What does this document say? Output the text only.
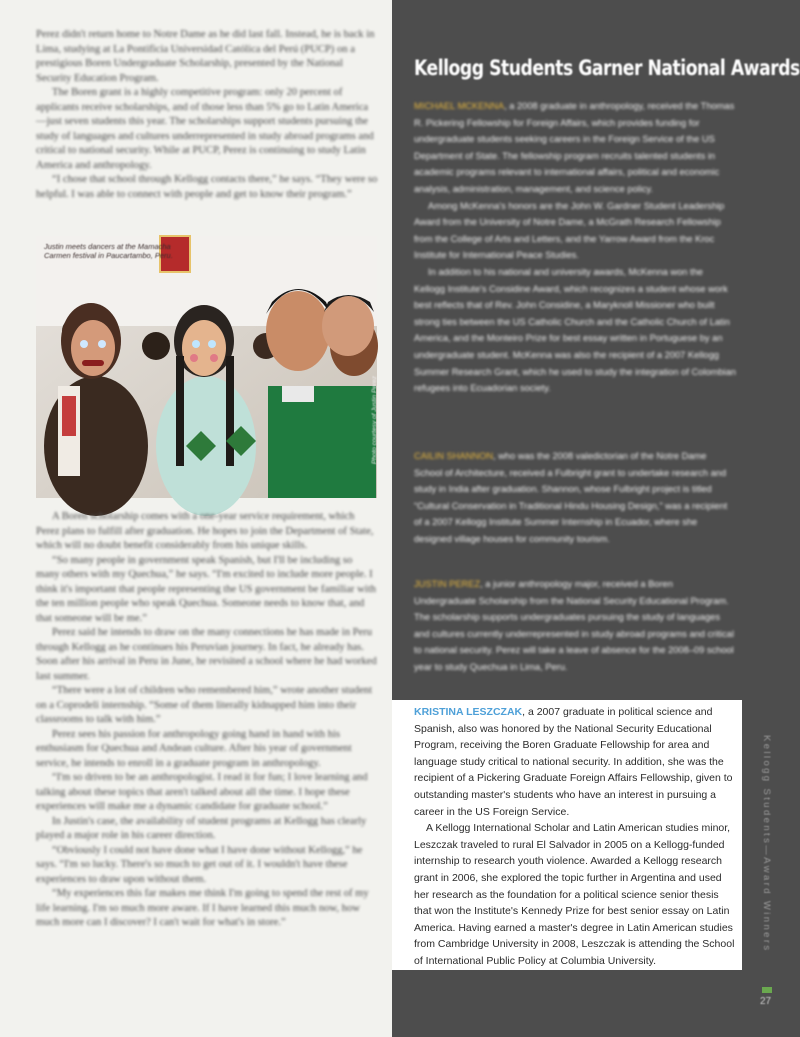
Perez didn't return home to Notre Dame as he did last fall. Instead, he is back in Lima, studying at La Pontificia Universidad Católica del Perú (PUCP) on a prestigious Boren Undergraduate Scholarship, presented by the National Security Education Program.

The Boren grant is a highly competitive program: only 20 percent of applicants receive scholarships, and of those less than 5% go to Latin America—just seven students this year. The scholarships support students pursuing the study of languages and cultures underrepresented in study abroad programs and critical to national security. While at PUCP, Perez is continuing to study Latin America and anthropology.

“I chose that school through Kellogg contacts there,” he says. “They were so helpful. I was able to connect with people and get to know their program.”

Justin meets dancers at the Mamacha Carmen festival in Paucartambo, Peru.
Photo courtesy of Justin Perez

A Boren scholarship comes with a one-year service requirement, which Perez plans to fulfill after graduation. He hopes to join the Department of State, which will no doubt benefit considerably from his unique skills.

“So many people in government speak Spanish, but I'll be including so many others with my Quechua,” he says. “I'm excited to include more people. I think it's important that people representing the US government be familiar with the ten million people who speak Quechua. Someone needs to know that, and that someone will be me.”

Perez said he intends to draw on the many connections he has made in Peru through Kellogg as he continues his Peruvian journey. In fact, he already has. Soon after his arrival in Peru in June, he revisited a school where he had worked last summer.

“There were a lot of children who remembered him,” wrote another student on a Coprodeli internship. “Some of them literally kidnapped him into their classrooms to talk with him.”

Perez sees his passion for anthropology going hand in hand with his enthusiasm for Quechua and Andean culture. After his year of government service, he intends to enroll in a graduate program in anthropology.

“I'm so driven to be an anthropologist. I read it for fun; I love learning and talking about these topics that aren't talked about all the time. I hope these experiences will make me a dynamic candidate for graduate school.”

In Justin's case, the availability of student programs at Kellogg has clearly played a major role in his career direction.

“Obviously I could not have done what I have done without Kellogg,” he says. “I'm so lucky. There's so much to get out of it. I wouldn't have these experiences to draw upon without them.

“My experiences this far makes me think I'm going to spend the rest of my life learning. I'm so much more aware. If I have learned this much now, how much more can I discover? I can't wait for what's in store.”

Kellogg Students Garner National Awards

MICHAEL MCKENNA, a 2008 graduate in anthropology, received the Thomas R. Pickering Fellowship for Foreign Affairs, which provides funding for undergraduate students seeking careers in the Foreign Service of the US Department of State. The fellowship program recruits talented students in academic programs relevant to international affairs, political and economic analysis, administration, management, and science policy.

Among McKenna's honors are the John W. Gardner Student Leadership Award from the University of Notre Dame, a McGrath Research Fellowship from the College of Arts and Letters, and the Yarrow Award from the Kroc Institute for International Peace Studies.

In addition to his national and university awards, McKenna won the Kellogg Institute's Considine Award, which recognizes a student whose work best reflects that of Rev. John Considine, a Maryknoll Missioner who built strong ties between the US Catholic Church and the Catholic Church of Latin America, and the Monteiro Prize for best essay written in Portuguese by an undergraduate student. McKenna was also the recipient of a 2007 Kellogg Summer Research Grant, which he used to study the integration of Colombian refugees into Ecuadorian society.

CAILIN SHANNON, who was the 2008 valedictorian of the Notre Dame School of Architecture, received a Fulbright grant to undertake research and study in India after graduation. Shannon, whose Fulbright project is titled “Cultural Conservation in Traditional Hindu Housing Design,” was a recipient of a 2007 Kellogg Institute Summer Internship in Ecuador, where she designed village houses for community tourism.

JUSTIN PEREZ, a junior anthropology major, received a Boren Undergraduate Scholarship from the National Security Educational Program. The scholarship supports undergraduates pursuing the study of languages and cultures currently underrepresented in study abroad programs and critical to national security. Perez will take a leave of absence for the 2008–09 school year to study Quechua in Lima, Peru.

KRISTINA LESZCZAK, a 2007 graduate in political science and Spanish, also was honored by the National Security Educational Program, receiving the Boren Graduate Fellowship for area and language study critical to national security. In addition, she was the recipient of a Pickering Graduate Foreign Affairs Fellowship, given to outstanding master's students who have an interest in pursuing a career in the US Foreign Service.

A Kellogg International Scholar and Latin American studies minor, Leszczak traveled to rural El Salvador in 2005 on a Kellogg-funded internship to research youth violence. Awarded a Kellogg research grant in 2006, she explored the topic further in Argentina and used her research as the foundation for a political science senior thesis that won the Institute's Kennedy Prize for best senior essay on Latin America. Having earned a master's degree in Latin American studies from Cambridge University in 2008, Leszczak is attending the School of International Public Policy at Columbia University.

Kellogg Students—Award Winners
27
